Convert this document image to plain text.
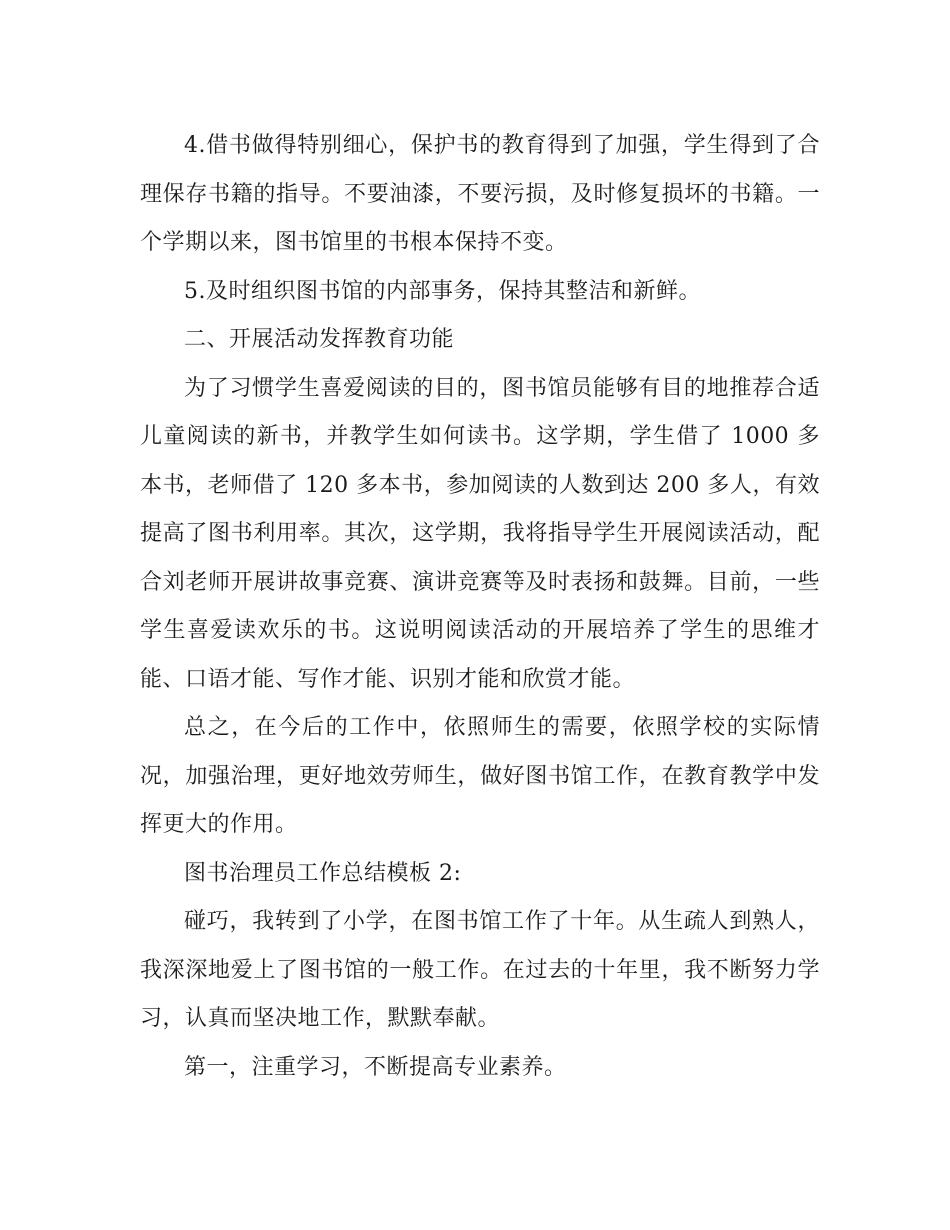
4.借书做得特别细心，保护书的教育得到了加强，学生得到了合理保存书籍的指导。不要油漆，不要污损，及时修复损坏的书籍。一个学期以来，图书馆里的书根本保持不变。

5.及时组织图书馆的内部事务，保持其整洁和新鲜。

二、开展活动发挥教育功能

为了习惯学生喜爱阅读的目的，图书馆员能够有目的地推荐合适儿童阅读的新书，并教学生如何读书。这学期，学生借了 1000 多本书，老师借了 120 多本书，参加阅读的人数到达 200 多人，有效提高了图书利用率。其次，这学期，我将指导学生开展阅读活动，配合刘老师开展讲故事竞赛、演讲竞赛等及时表扬和鼓舞。目前，一些学生喜爱读欢乐的书。这说明阅读活动的开展培养了学生的思维才能、口语才能、写作才能、识别才能和欣赏才能。

总之，在今后的工作中，依照师生的需要，依照学校的实际情况，加强治理，更好地效劳师生，做好图书馆工作，在教育教学中发挥更大的作用。

图书治理员工作总结模板 2:

碰巧，我转到了小学，在图书馆工作了十年。从生疏人到熟人，我深深地爱上了图书馆的一般工作。在过去的十年里，我不断努力学习，认真而坚决地工作，默默奉献。

第一，注重学习，不断提高专业素养。
